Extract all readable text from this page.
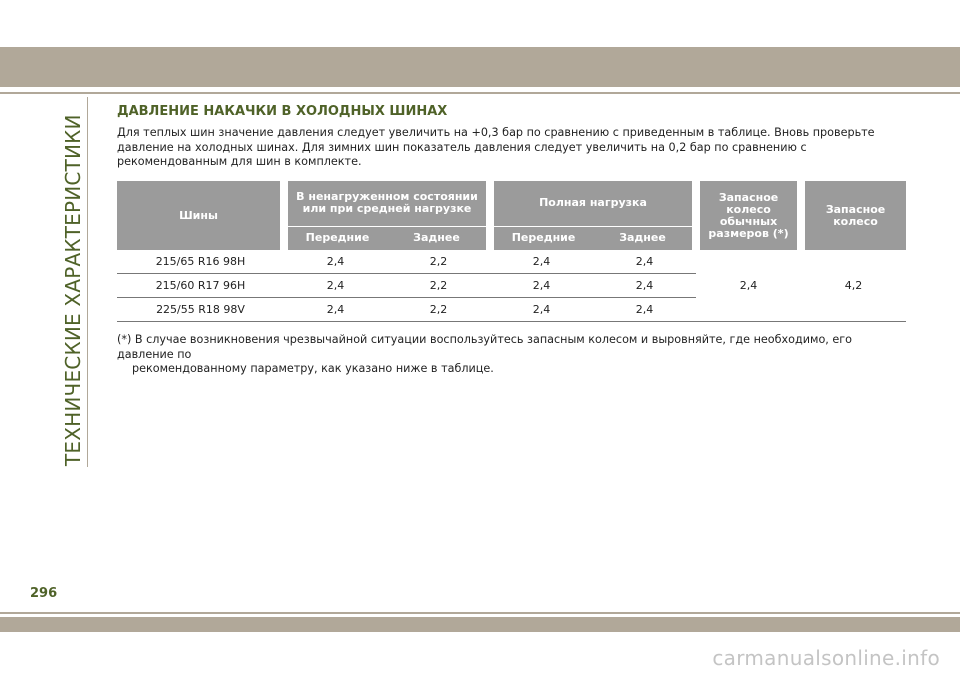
ТЕХНИЧЕСКИЕ ХАРАКТЕРИСТИКИ
ДАВЛЕНИЕ НАКАЧКИ В ХОЛОДНЫХ ШИНАХ
Для теплых шин значение давления следует увеличить на +0,3 бар по сравнению с приведенным в таблице. Вновь проверьте давление на холодных шинах. Для зимних шин показатель давления следует увеличить на 0,2 бар по сравнению с рекомендованным для шин в комплекте.
Шины	В ненагруженном состоянии или при средней нагрузке		Полная нагрузка		Запасное колесо обычных размеров (*)	Запасное колесо
	Передние	Заднее	Передние	Заднее		
215/65 R16 98H	2,4	2,2	2,4	2,4	2,4	4,2
215/60 R17 96H	2,4	2,2	2,4	2,4		
225/55 R18 98V	2,4	2,2	2,4	2,4		
(*) В случае возникновения чрезвычайной ситуации воспользуйтесь запасным колесом и выровняйте, где необходимо, его давление по
рекомендованному параметру, как указано ниже в таблице.
296
carmanualsonline.info
